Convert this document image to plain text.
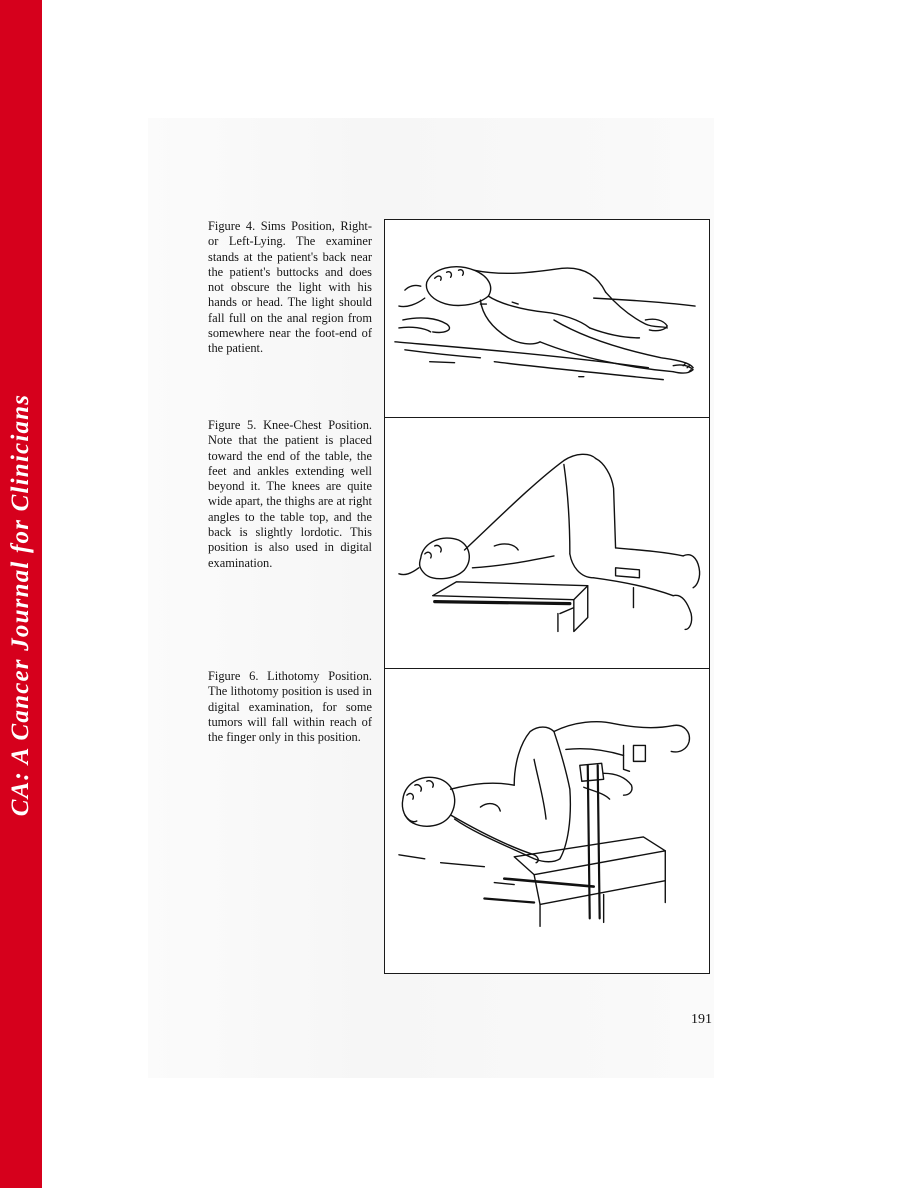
CA: A Cancer Journal for Clinicians
Figure 4. Sims Position, Right- or Left-Lying. The examiner stands at the patient's back near the patient's buttocks and does not obscure the light with his hands or head. The light should fall full on the anal region from somewhere near the foot-end of the patient.
Figure 5. Knee-Chest Position. Note that the patient is placed toward the end of the table, the feet and ankles extending well beyond it. The knees are quite wide apart, the thighs are at right angles to the table top, and the back is slightly lordotic. This position is also used in digital examination.
Figure 6. Lithotomy Position. The lithotomy position is used in digital examination, for some tumors will fall within reach of the finger only in this position.
191
